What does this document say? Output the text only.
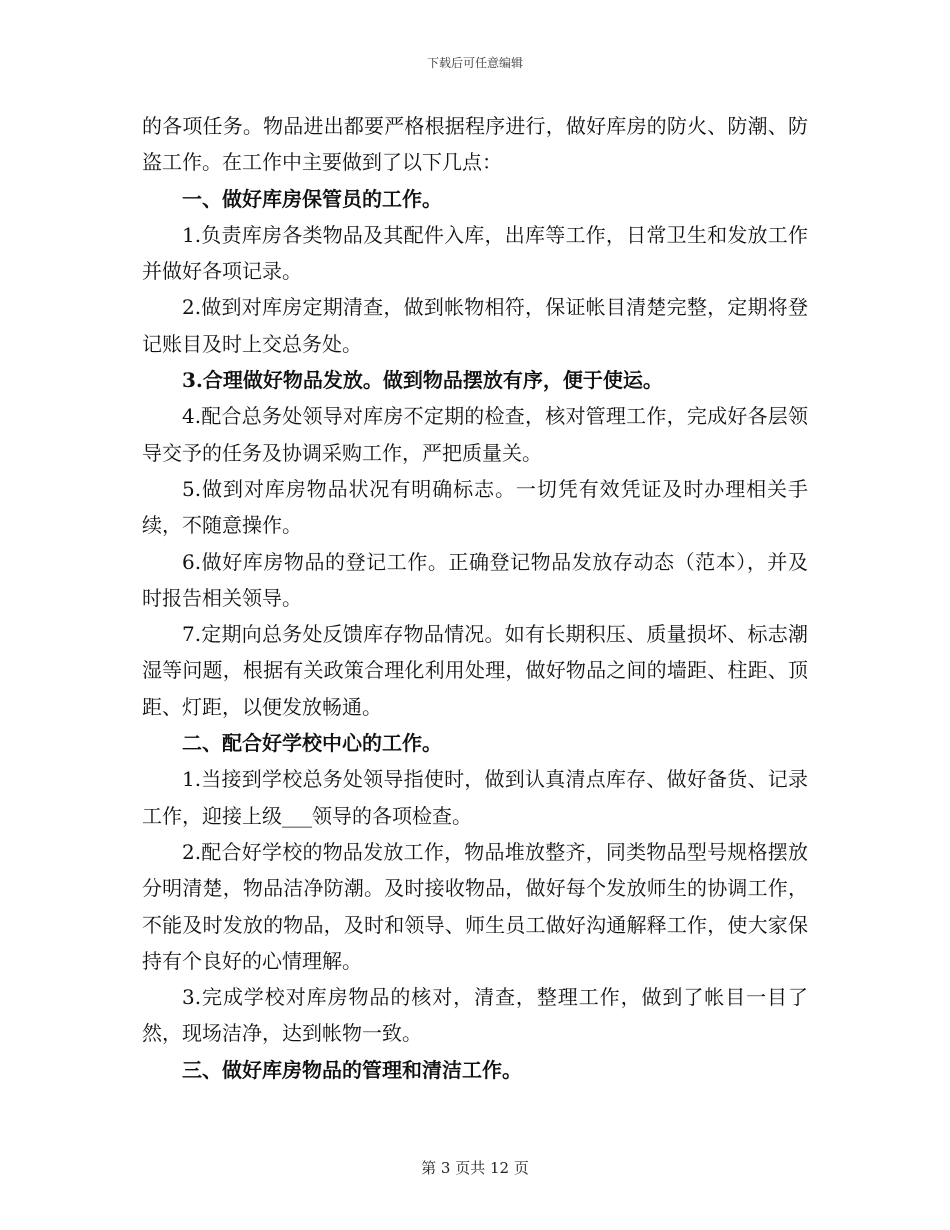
下载后可任意编辑

的各项任务。物品进出都要严格根据程序进行，做好库房的防火、防潮、防盗工作。在工作中主要做到了以下几点：

一、做好库房保管员的工作。

1.负责库房各类物品及其配件入库，出库等工作，日常卫生和发放工作并做好各项记录。

2.做到对库房定期清查，做到帐物相符，保证帐目清楚完整，定期将登记账目及时上交总务处。

3.合理做好物品发放。做到物品摆放有序，便于使运。

4.配合总务处领导对库房不定期的检查，核对管理工作，完成好各层领导交予的任务及协调采购工作，严把质量关。

5.做到对库房物品状况有明确标志。一切凭有效凭证及时办理相关手续，不随意操作。

6.做好库房物品的登记工作。正确登记物品发放存动态（范本），并及时报告相关领导。

7.定期向总务处反馈库存物品情况。如有长期积压、质量损坏、标志潮湿等问题，根据有关政策合理化利用处理，做好物品之间的墙距、柱距、顶距、灯距，以便发放畅通。

二、配合好学校中心的工作。

1.当接到学校总务处领导指使时，做到认真清点库存、做好备货、记录工作，迎接上级___领导的各项检查。

2.配合好学校的物品发放工作，物品堆放整齐，同类物品型号规格摆放分明清楚，物品洁净防潮。及时接收物品，做好每个发放师生的协调工作，不能及时发放的物品，及时和领导、师生员工做好沟通解释工作，使大家保持有个良好的心情理解。

3.完成学校对库房物品的核对，清查，整理工作，做到了帐目一目了然，现场洁净，达到帐物一致。

三、做好库房物品的管理和清洁工作。

第 3 页共 12 页
